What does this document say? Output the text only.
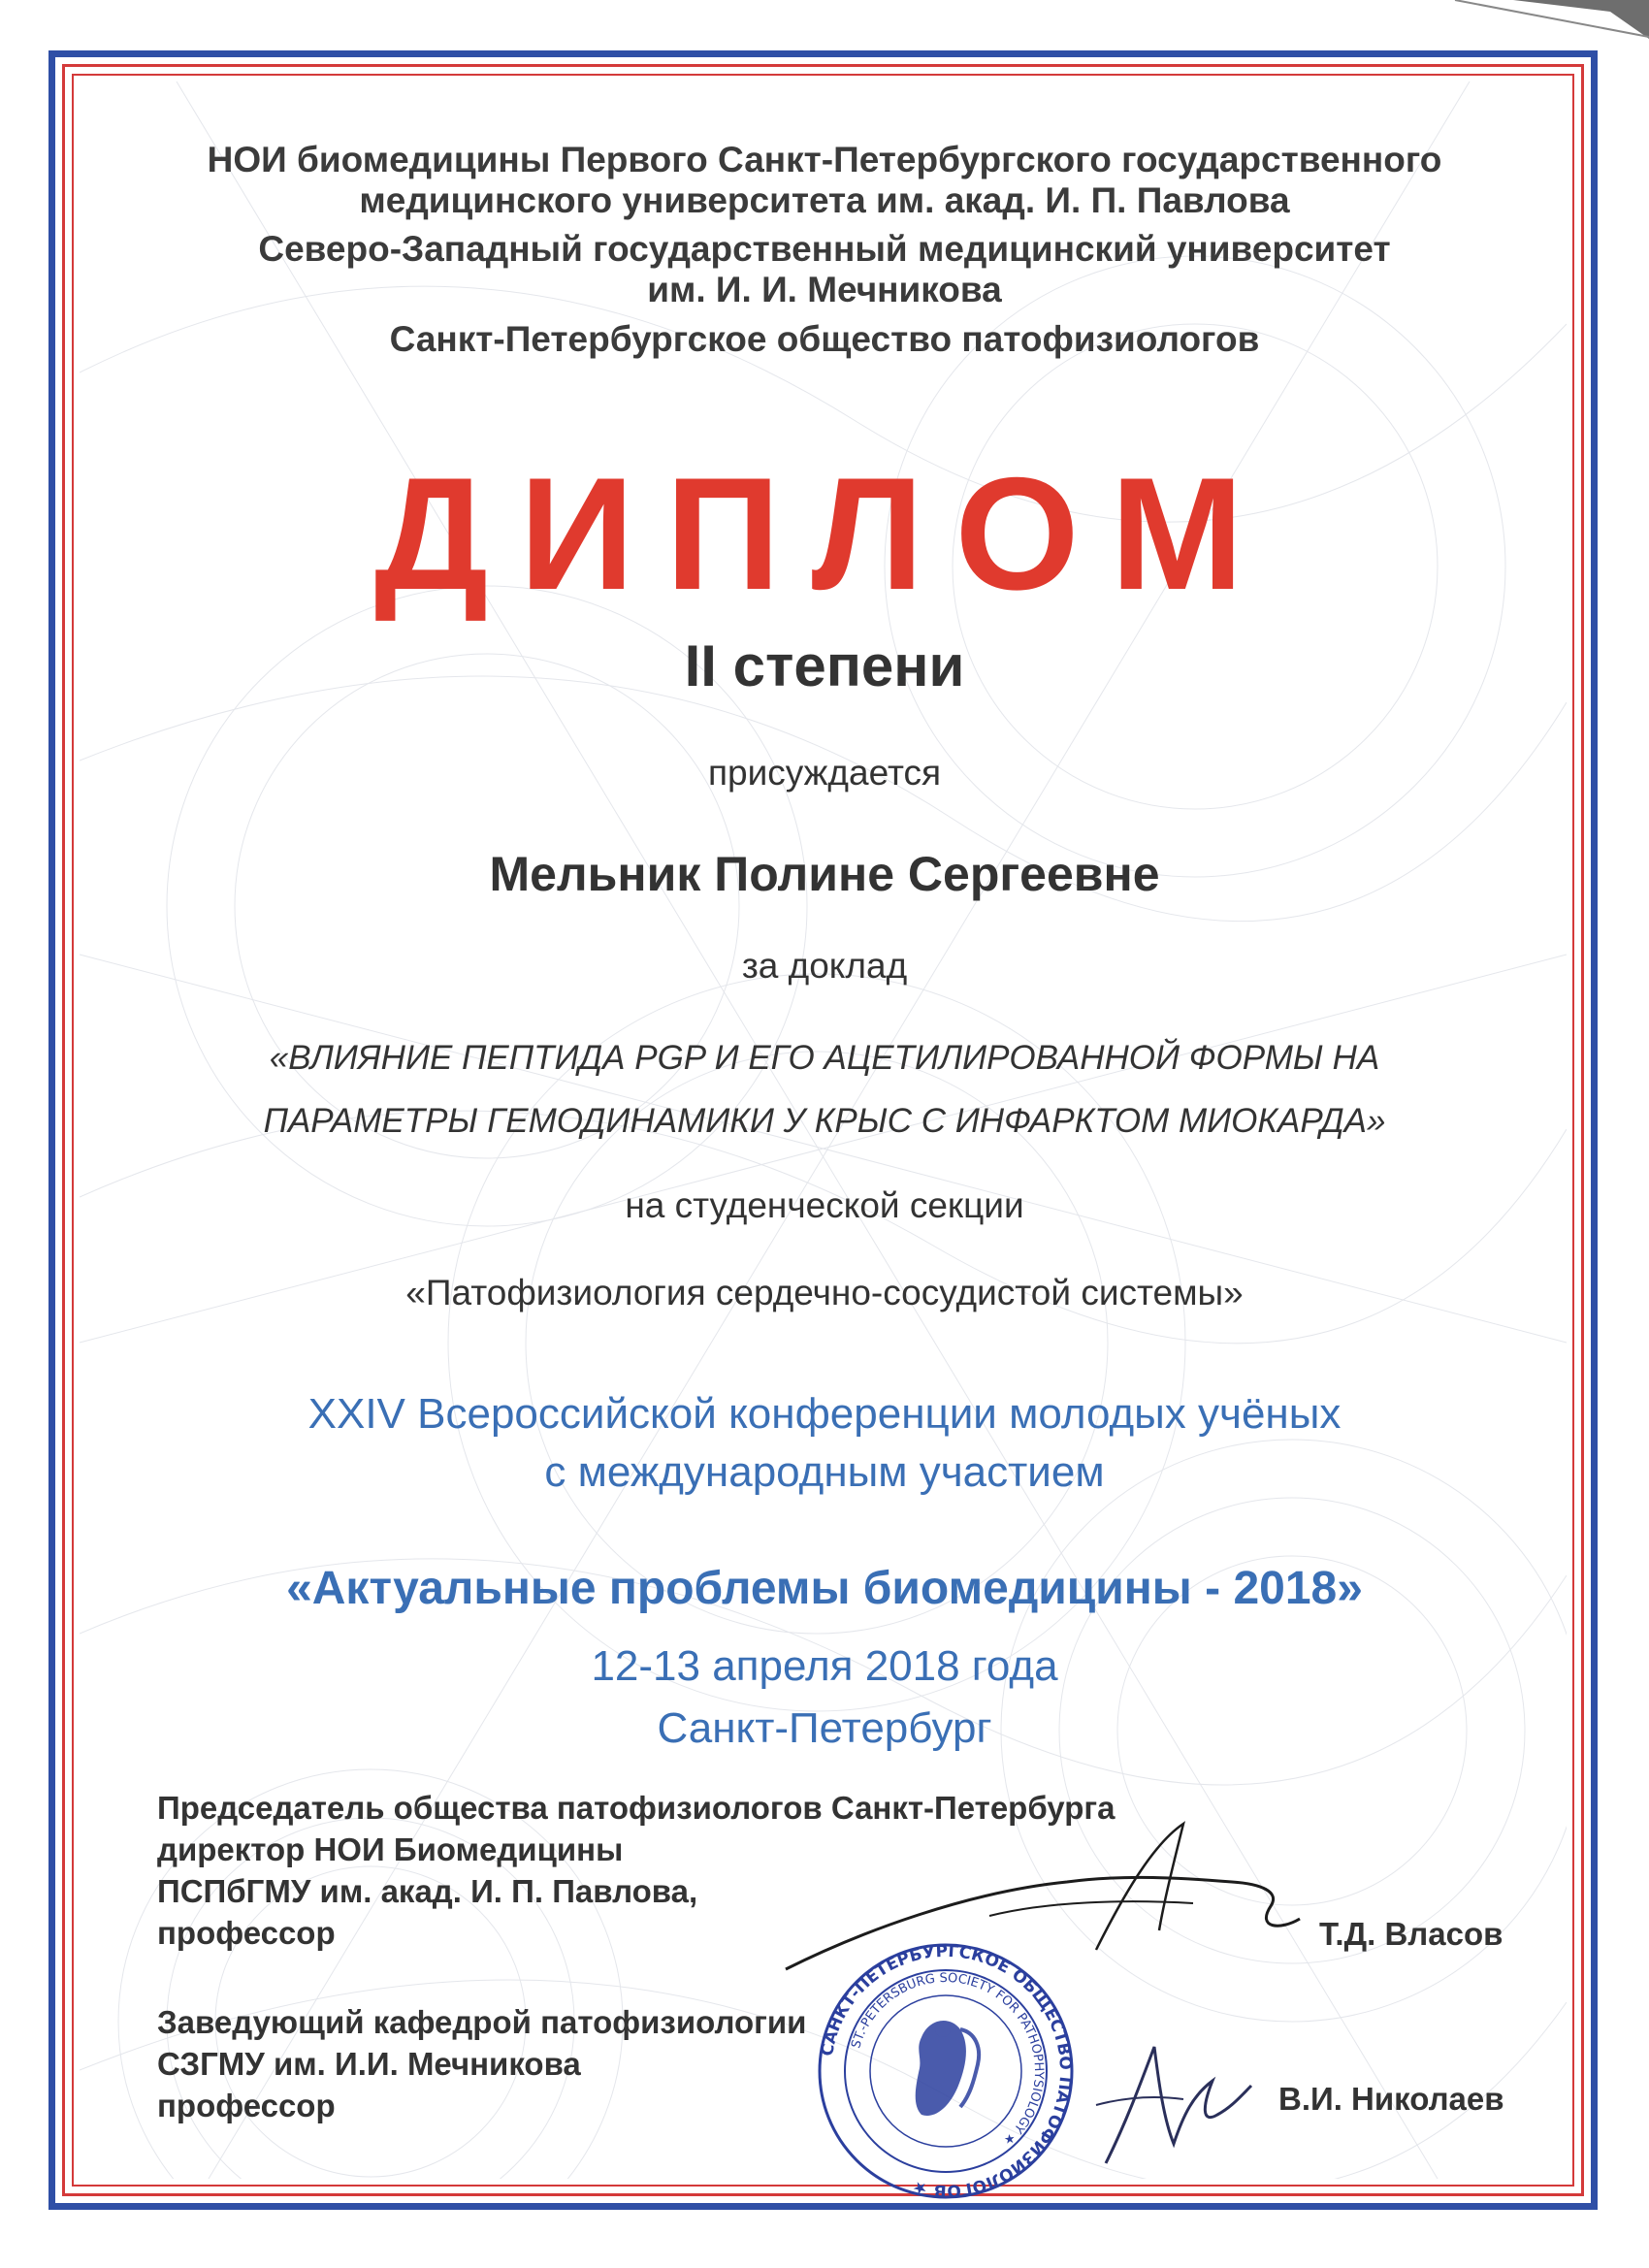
НОИ биомедицины Первого Санкт-Петербургского государственного
медицинского университета им. акад. И. П. Павлова
Северо-Западный государственный медицинский университет
им. И. И. Мечникова
Санкт-Петербургское общество патофизиологов
ДИПЛОМ
II степени
присуждается
Мельник Полине Сергеевне
за доклад
«ВЛИЯНИЕ ПЕПТИДА PGP И ЕГО АЦЕТИЛИРОВАННОЙ ФОРМЫ НА
ПАРАМЕТРЫ ГЕМОДИНАМИКИ У КРЫС С ИНФАРКТОМ МИОКАРДА»
на студенческой секции
«Патофизиология сердечно-сосудистой системы»
XXIV Всероссийской конференции молодых учёных
с международным участием
«Актуальные проблемы биомедицины - 2018»
12-13 апреля 2018 года
Санкт-Петербург
Председатель общества патофизиологов Санкт-Петербурга
директор НОИ Биомедицины
ПСПбГМУ им. акад. И. П. Павлова,
профессор	Т.Д. Власов
Заведующий кафедрой патофизиологии
СЗГМУ им. И.И. Мечникова
профессор	В.И. Николаев
САНКТ-ПЕТЕРБУРГСКОЕ ОБЩЕСТВО ПАТОФИЗИОЛОГОВ ★
ST.-PETERSBURG SOCIETY FOR PATHOPHYSIOLOGY ★
